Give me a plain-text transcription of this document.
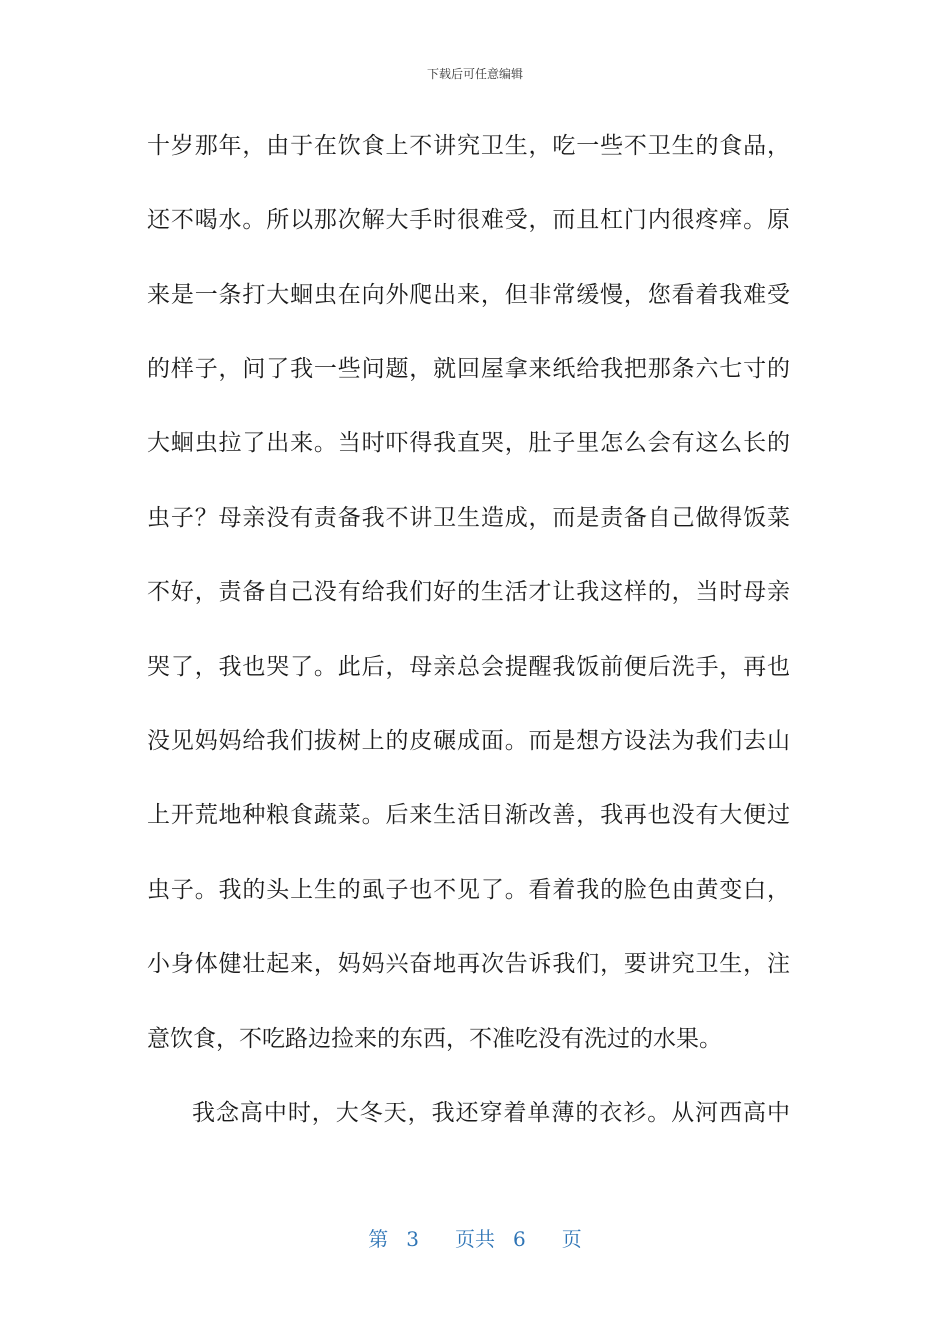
下载后可任意编辑
十岁那年，由于在饮食上不讲究卫生，吃一些不卫生的食品，
还不喝水。所以那次解大手时很难受，而且杠门内很疼痒。原
来是一条打大蛔虫在向外爬出来，但非常缓慢，您看着我难受
的样子，问了我一些问题，就回屋拿来纸给我把那条六七寸的
大蛔虫拉了出来。当时吓得我直哭，肚子里怎么会有这么长的
虫子？母亲没有责备我不讲卫生造成，而是责备自己做得饭菜
不好，责备自己没有给我们好的生活才让我这样的，当时母亲
哭了，我也哭了。此后，母亲总会提醒我饭前便后洗手，再也
没见妈妈给我们拔树上的皮碾成面。而是想方设法为我们去山
上开荒地种粮食蔬菜。后来生活日渐改善，我再也没有大便过
虫子。我的头上生的虱子也不见了。看着我的脸色由黄变白，
小身体健壮起来，妈妈兴奋地再次告诉我们，要讲究卫生，注
意饮食，不吃路边捡来的东西，不准吃没有洗过的水果。
我念高中时，大冬天，我还穿着单薄的衣衫。从河西高中
第 3 页共 6 页
